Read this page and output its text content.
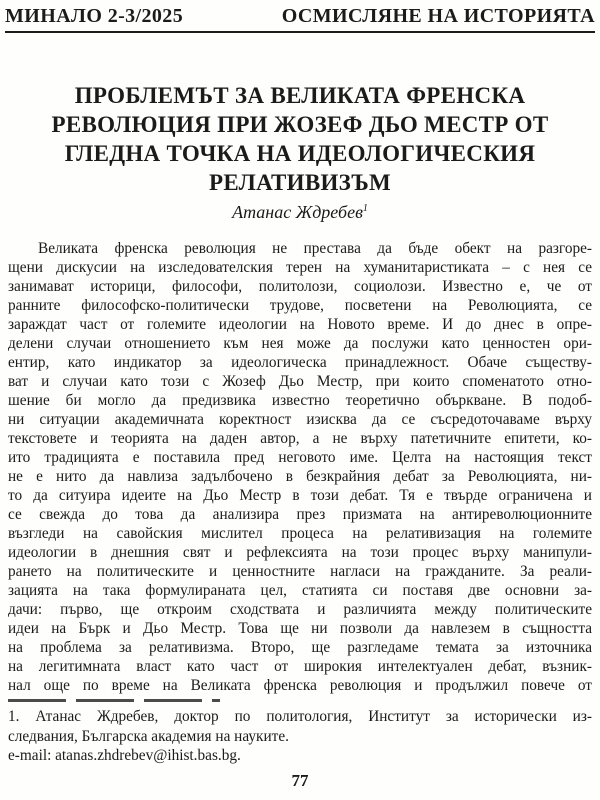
МИНАЛО 2-3/2025	ОСМИСЛЯНЕ НА ИСТОРИЯТА
ПРОБЛЕМЪТ ЗА ВЕЛИКАТА ФРЕНСКА
РЕВОЛЮЦИЯ ПРИ ЖОЗЕФ ДЬО МЕСТР ОТ
ГЛЕДНА ТОЧКА НА ИДЕОЛОГИЧЕСКИЯ
РЕЛАТИВИЗЪМ
Атанас Ждребев$^1$
Великата френска революция не престава да бъде обект на разгоре-
щени дискусии на изследователския терен на хуманитаристиката – с нея се
занимават историци, философи, политолози, социолози. Известно е, че от
ранните философско-политически трудове, посветени на Революцията, се
зараждат част от големите идеологии на Новото време. И до днес в опре-
делени случаи отношението към нея може да послужи като ценностен ори-
ентир, като индикатор за идеологическа принадлежност. Обаче съществу-
ват и случаи като този с Жозеф Дьо Местр, при които споменатото отно-
шение би могло да предизвика известно теоретично объркване. В подоб-
ни ситуации академичната коректност изисква да се съсредоточаваме върху
текстовете и теорията на даден автор, а не върху патетичните епитети, ко-
ито традицията е поставила пред неговото име. Целта на настоящия текст
не е нито да навлиза задълбочено в безкрайния дебат за Революцията, ни-
то да ситуира идеите на Дьо Местр в този дебат. Тя е твърде ограничена и
се свежда до това да анализира през призмата на антиреволюционните
възгледи на савойския мислител процеса на релативизация на големите
идеологии в днешния свят и рефлексията на този процес върху манипули-
рането на политическите и ценностните нагласи на гражданите. За реали-
зацията на така формулираната цел, статията си поставя две основни за-
дачи: първо, ще откроим сходствата и различията между политическите
идеи на Бърк и Дьо Местр. Това ще ни позволи да навлезем в същността
на проблема за релативизма. Второ, ще разгледаме темата за източника
на легитимната власт като част от широкия интелектуален дебат, възник-
нал още по време на Великата френска революция и продължил повече от
1. Атанас Ждребев, доктор по политология, Институт за исторически из-
следвания, Българска академия на науките.
e-mail: atanas.zhdrebev@ihist.bas.bg.
77
